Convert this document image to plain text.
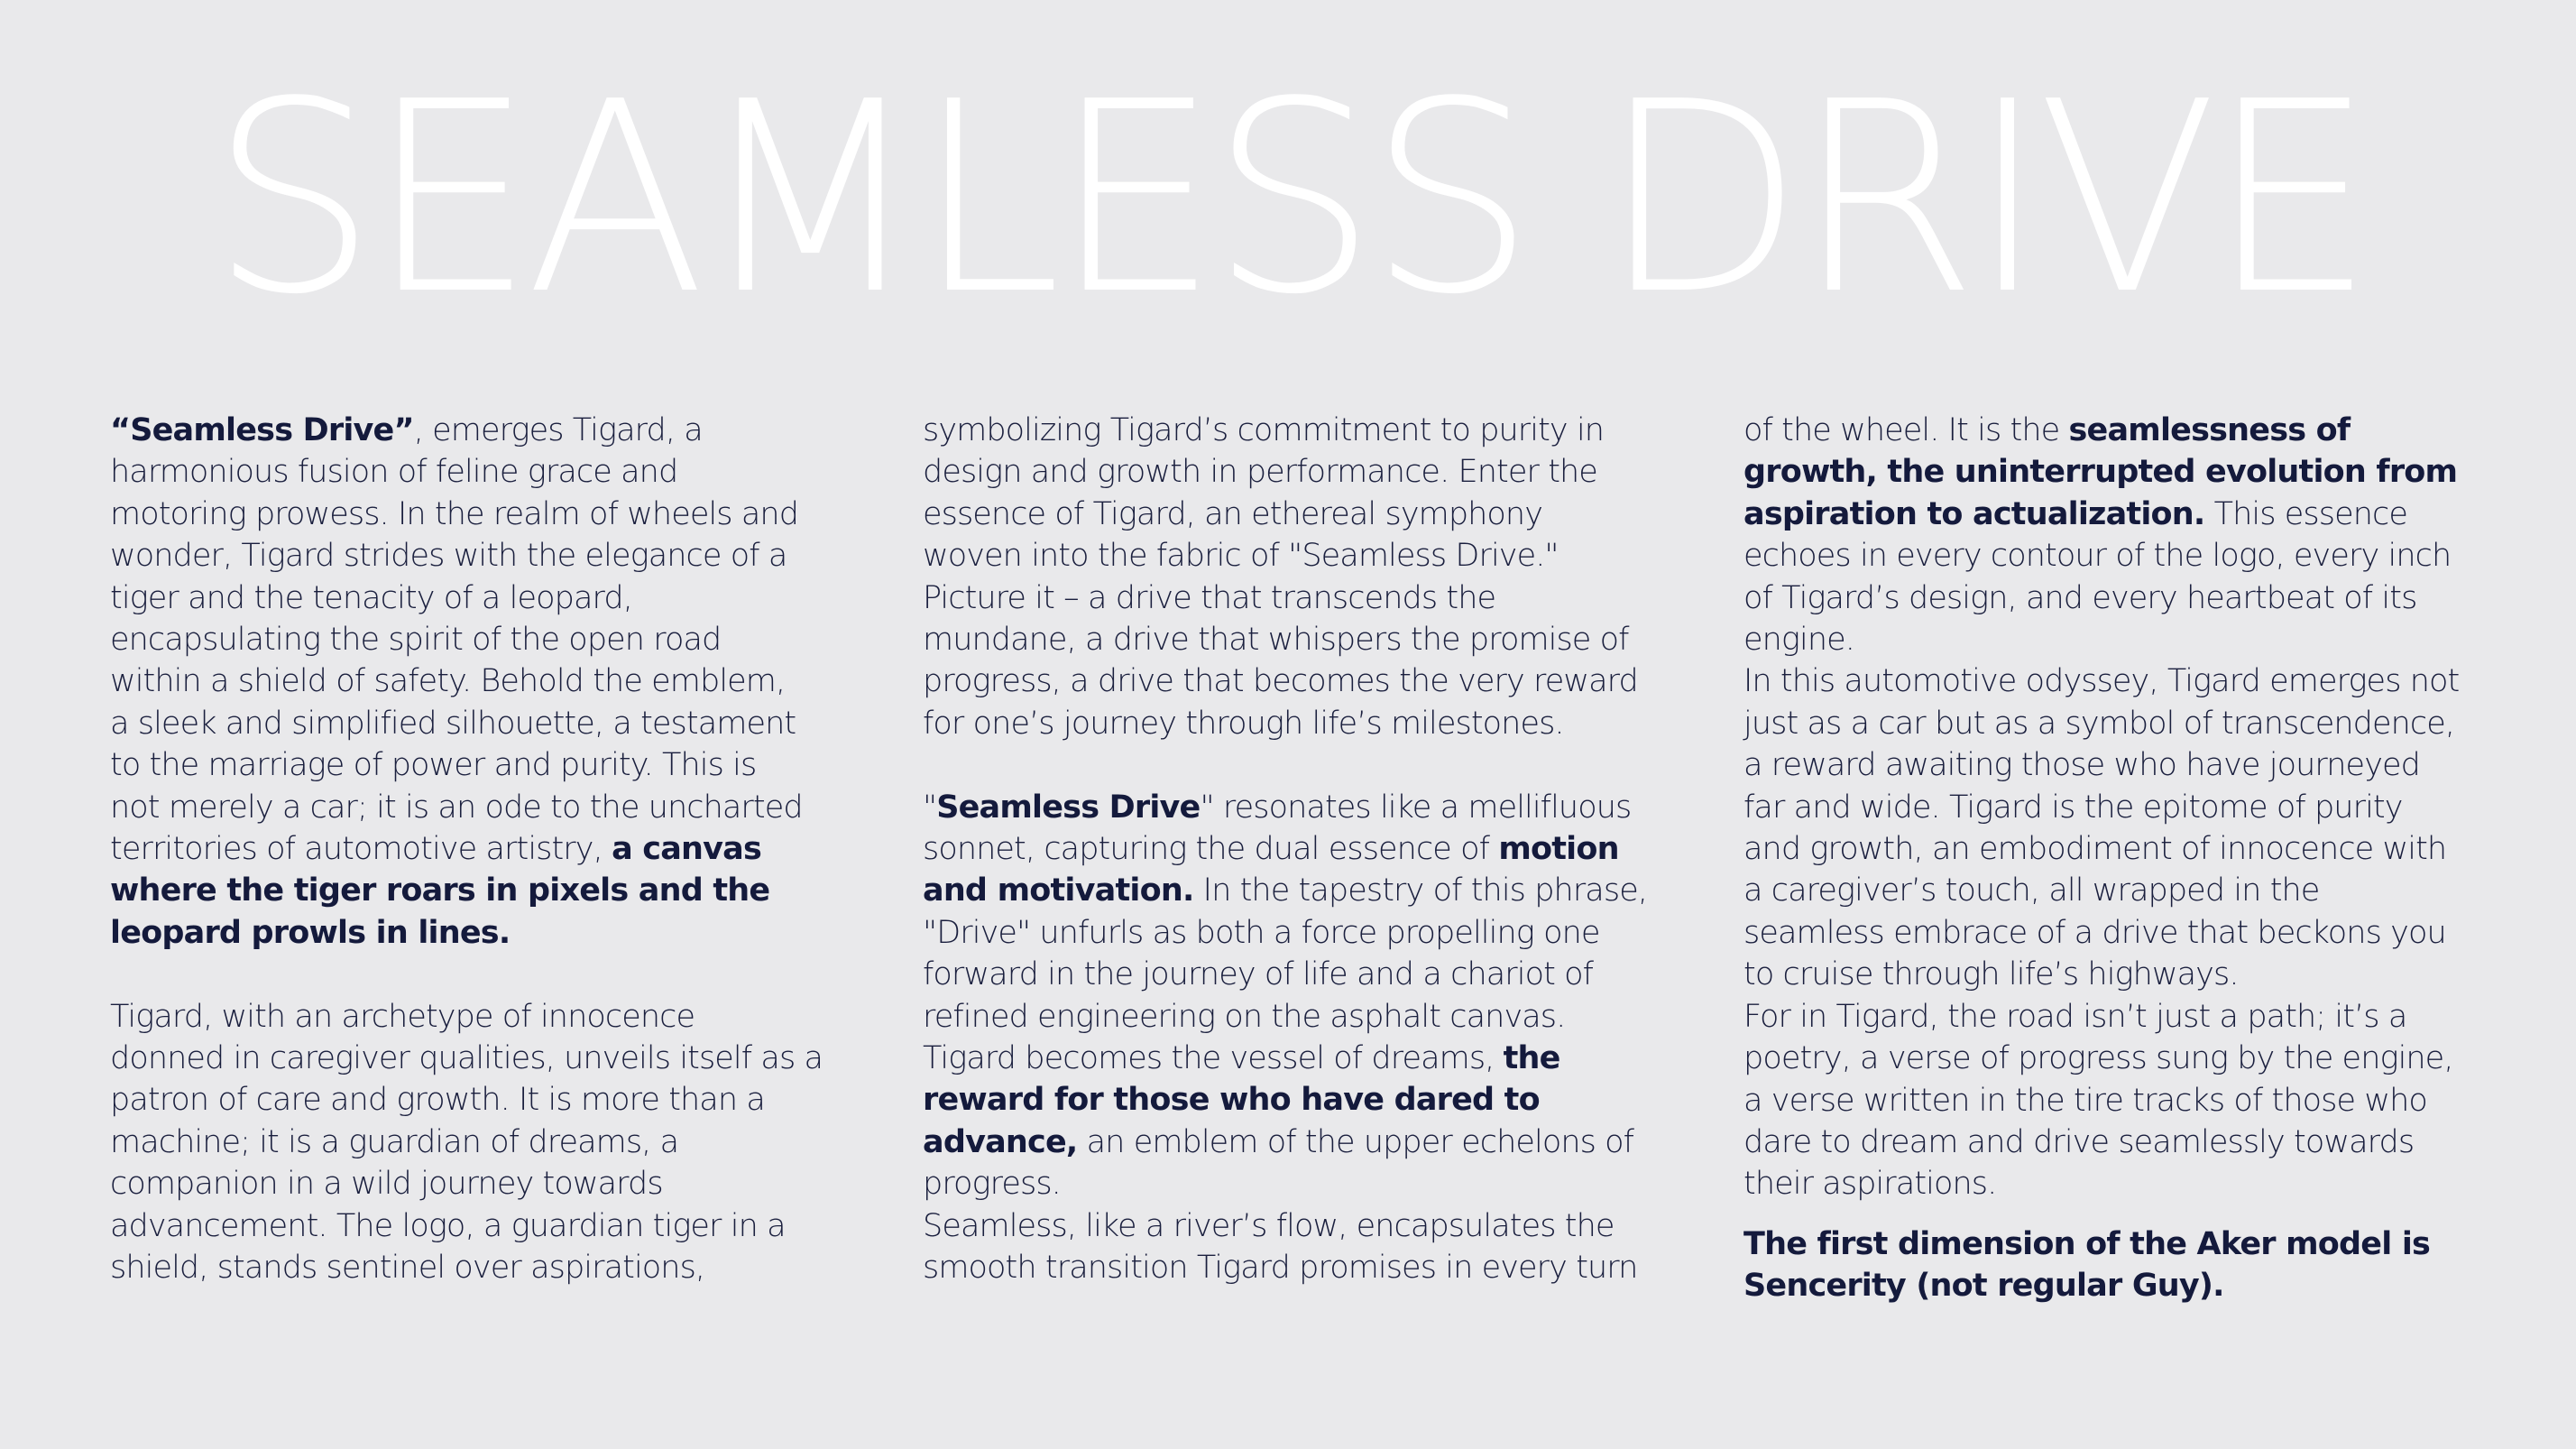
SEAMLESS DRIVE

“Seamless Drive”, emerges Tigard, a
harmonious fusion of feline grace and
motoring prowess. In the realm of wheels and
wonder, Tigard strides with the elegance of a
tiger and the tenacity of a leopard,
encapsulating the spirit of the open road
within a shield of safety. Behold the emblem,
a sleek and simplified silhouette, a testament
to the marriage of power and purity. This is
not merely a car; it is an ode to the uncharted
territories of automotive artistry, a canvas
where the tiger roars in pixels and the
leopard prowls in lines.

Tigard, with an archetype of innocence
donned in caregiver qualities, unveils itself as a
patron of care and growth. It is more than a
machine; it is a guardian of dreams, a
companion in a wild journey towards
advancement. The logo, a guardian tiger in a
shield, stands sentinel over aspirations,

symbolizing Tigard’s commitment to purity in
design and growth in performance. Enter the
essence of Tigard, an ethereal symphony
woven into the fabric of "Seamless Drive."
Picture it – a drive that transcends the
mundane, a drive that whispers the promise of
progress, a drive that becomes the very reward
for one’s journey through life’s milestones.

"Seamless Drive" resonates like a mellifluous
sonnet, capturing the dual essence of motion
and motivation. In the tapestry of this phrase,
"Drive" unfurls as both a force propelling one
forward in the journey of life and a chariot of
refined engineering on the asphalt canvas.
Tigard becomes the vessel of dreams, the
reward for those who have dared to
advance, an emblem of the upper echelons of
progress.
Seamless, like a river’s flow, encapsulates the
smooth transition Tigard promises in every turn

of the wheel. It is the seamlessness of
growth, the uninterrupted evolution from
aspiration to actualization. This essence
echoes in every contour of the logo, every inch
of Tigard’s design, and every heartbeat of its
engine.
In this automotive odyssey, Tigard emerges not
just as a car but as a symbol of transcendence,
a reward awaiting those who have journeyed
far and wide. Tigard is the epitome of purity
and growth, an embodiment of innocence with
a caregiver’s touch, all wrapped in the
seamless embrace of a drive that beckons you
to cruise through life’s highways.
For in Tigard, the road isn’t just a path; it’s a
poetry, a verse of progress sung by the engine,
a verse written in the tire tracks of those who
dare to dream and drive seamlessly towards
their aspirations.

The first dimension of the Aker model is
Sencerity (not regular Guy).
